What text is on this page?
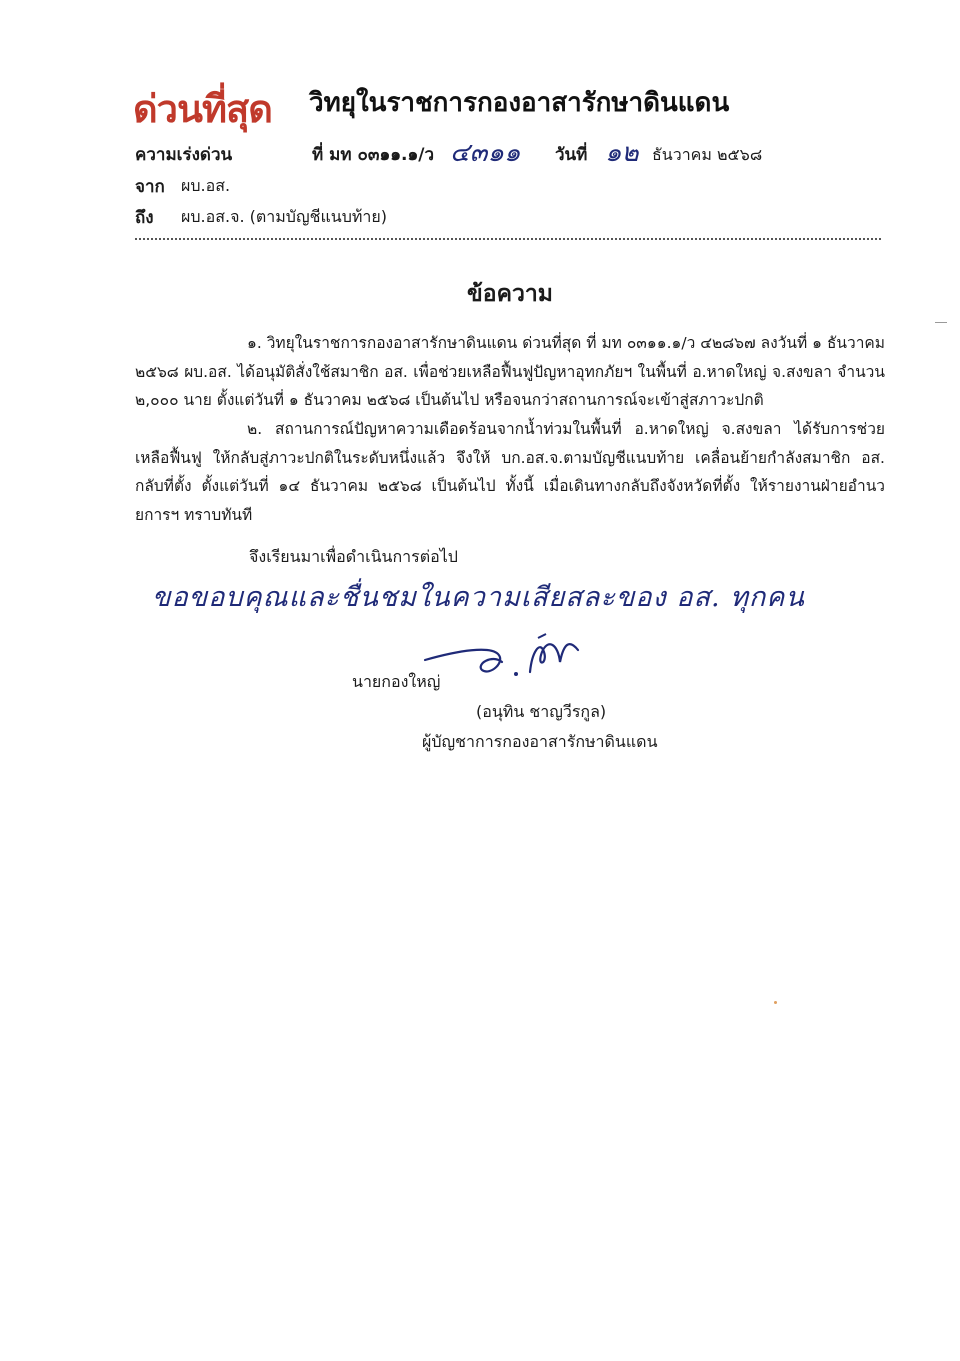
ด่วนที่สุด วิทยุในราชการกองอาสารักษาดินแดน
ความเร่งด่วน	ที่ มท ๐๓๑๑.๑/ว ๔๓๑๑ วันที่ ๑๒ ธันวาคม ๒๕๖๘
จาก ผบ.อส.
ถึง ผบ.อส.จ. (ตามบัญชีแนบท้าย)
ข้อความ
๑. วิทยุในราชการกองอาสารักษาดินแดน ด่วนที่สุด ที่ มท ๐๓๑๑.๑/ว ๔๒๘๖๗ ลงวันที่ ๑ ธันวาคม ๒๕๖๘ ผบ.อส. ได้อนุมัติสั่งใช้สมาชิก อส. เพื่อช่วยเหลือฟื้นฟูปัญหาอุทกภัยฯ ในพื้นที่ อ.หาดใหญ่ จ.สงขลา จำนวน ๒,๐๐๐ นาย ตั้งแต่วันที่ ๑ ธันวาคม ๒๕๖๘ เป็นต้นไป หรือจนกว่าสถานการณ์จะเข้าสู่สภาวะปกติ
๒. สถานการณ์ปัญหาความเดือดร้อนจากน้ำท่วมในพื้นที่ อ.หาดใหญ่ จ.สงขลา ได้รับการช่วยเหลือฟื้นฟู ให้กลับสู่ภาวะปกติในระดับหนึ่งแล้ว จึงให้ บก.อส.จ.ตามบัญชีแนบท้าย เคลื่อนย้ายกำลังสมาชิก อส. กลับที่ตั้ง ตั้งแต่วันที่ ๑๔ ธันวาคม ๒๕๖๘ เป็นต้นไป ทั้งนี้ เมื่อเดินทางกลับถึงจังหวัดที่ตั้ง ให้รายงานฝ่ายอำนวยการฯ ทราบทันที
จึงเรียนมาเพื่อดำเนินการต่อไป
ขอขอบคุณและชื่นชมในความเสียสละของ อส. ทุกคน
นายกองใหญ่
(อนุทิน ชาญวีรกูล)
ผู้บัญชาการกองอาสารักษาดินแดน
